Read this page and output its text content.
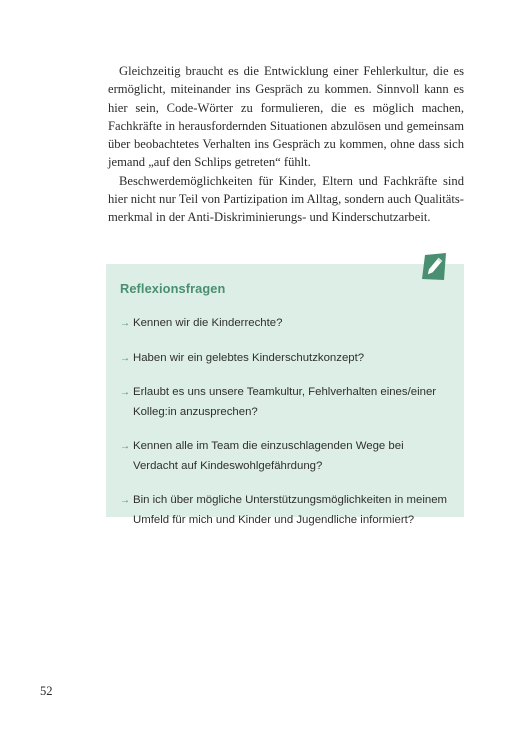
Gleichzeitig braucht es die Entwicklung einer Fehlerkultur, die es ermöglicht, miteinander ins Gespräch zu kommen. Sinnvoll kann es hier sein, Code-Wörter zu formulieren, die es möglich machen, Fachkräfte in herausfordernden Situationen abzulösen und gemeinsam über beobachtetes Verhalten ins Gespräch zu kommen, ohne dass sich jemand „auf den Schlips getreten“ fühlt.

Beschwerdemöglichkeiten für Kinder, Eltern und Fachkräfte sind hier nicht nur Teil von Partizipation im Alltag, sondern auch Qualitätsmerkmal in der Anti-Diskriminierungs- und Kinderschutzarbeit.

Reflexionsfragen
→ Kennen wir die Kinderrechte?
→ Haben wir ein gelebtes Kinderschutzkonzept?
→ Erlaubt es uns unsere Teamkultur, Fehlverhalten eines/einer Kolleg:in anzusprechen?
→ Kennen alle im Team die einzuschlagenden Wege bei Verdacht auf Kindeswohlgefährdung?
→ Bin ich über mögliche Unterstützungsmöglichkeiten in meinem Umfeld für mich und Kinder und Jugendliche informiert?
52
